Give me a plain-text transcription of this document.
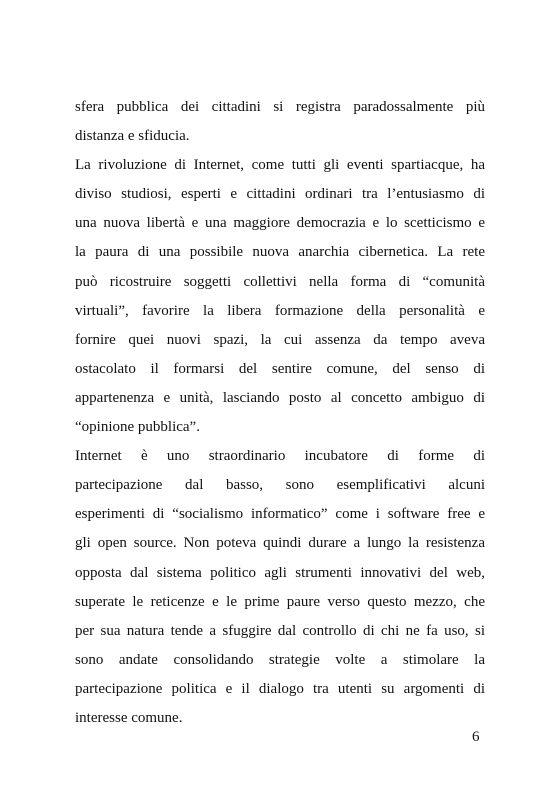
sfera pubblica dei cittadini si registra paradossalmente più
distanza e sfiducia.
La rivoluzione di Internet, come tutti gli eventi spartiacque, ha
diviso studiosi, esperti e cittadini ordinari tra l’entusiasmo di
una nuova libertà e una maggiore democrazia e lo scetticismo e
la paura di una possibile nuova anarchia cibernetica. La rete
può ricostruire soggetti collettivi nella forma di “comunità
virtuali”, favorire la libera formazione della personalità e
fornire quei nuovi spazi, la cui assenza da tempo aveva
ostacolato il formarsi del sentire comune, del senso di
appartenenza e unità, lasciando posto al concetto ambiguo di
“opinione pubblica”.
Internet è uno straordinario incubatore di forme di
partecipazione dal basso, sono esemplificativi alcuni
esperimenti di “socialismo informatico” come i software free e
gli open source. Non poteva quindi durare a lungo la resistenza
opposta dal sistema politico agli strumenti innovativi del web,
superate le reticenze e le prime paure verso questo mezzo, che
per sua natura tende a sfuggire dal controllo di chi ne fa uso, si
sono andate consolidando strategie volte a stimolare la
partecipazione politica e il dialogo tra utenti su argomenti di
interesse comune.
6
